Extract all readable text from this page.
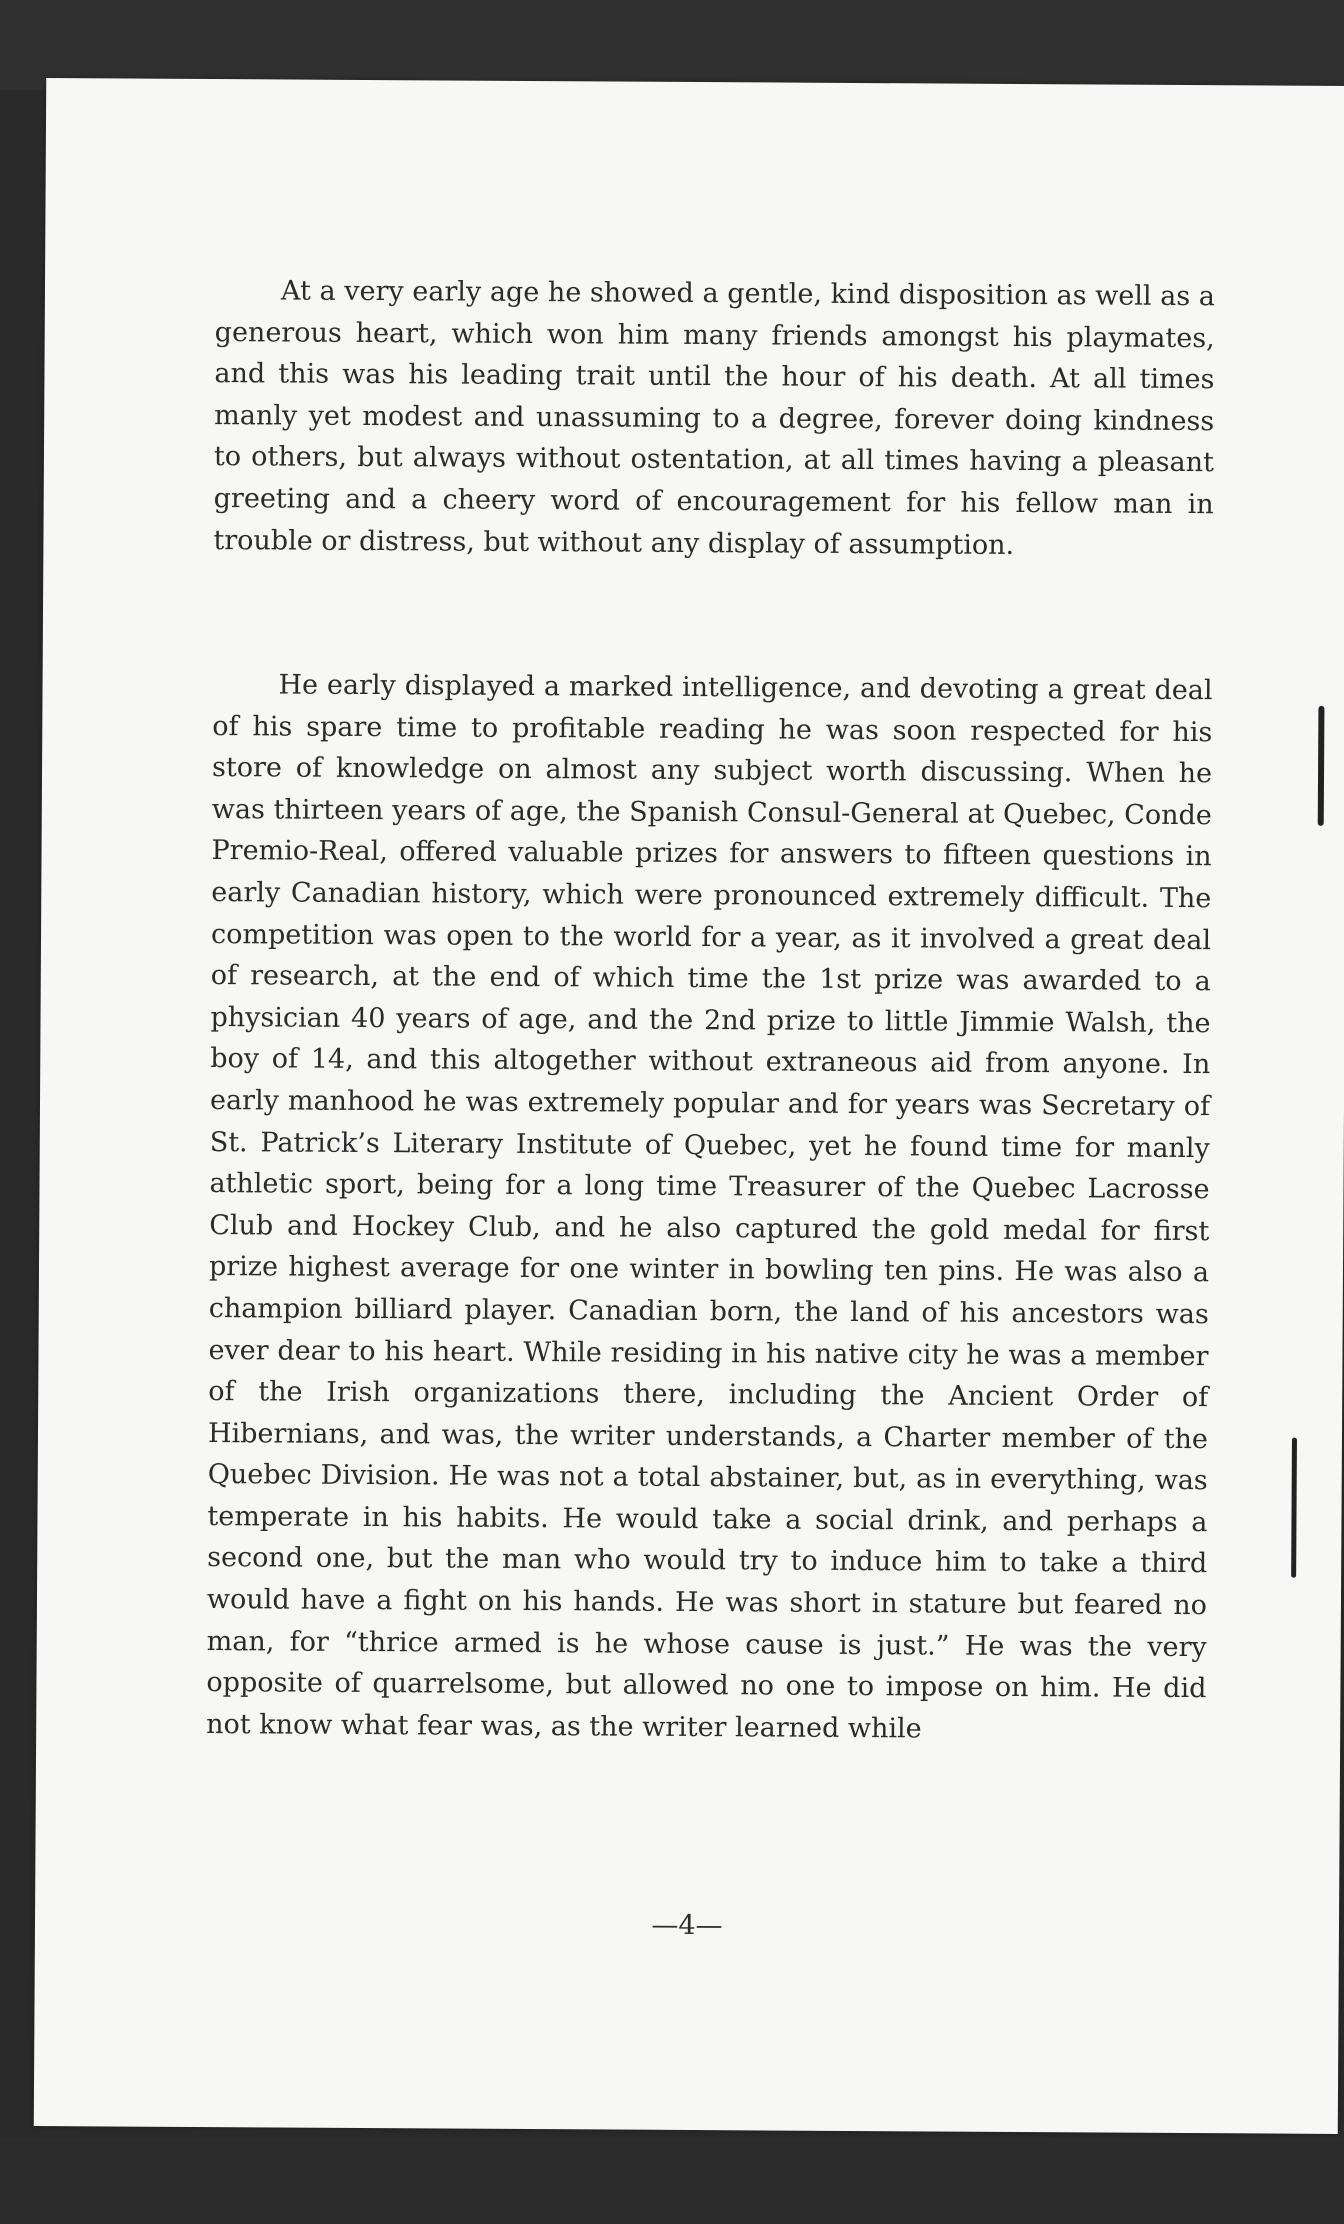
At a very early age he showed a gentle, kind disposition as well as a generous heart, which won him many friends amongst his playmates, and this was his leading trait until the hour of his death. At all times manly yet modest and unassuming to a degree, forever doing kindness to others, but always without ostentation, at all times having a pleasant greeting and a cheery word of encouragement for his fellow man in trouble or distress, but without any display of assumption.

He early displayed a marked intelligence, and devoting a great deal of his spare time to profitable reading he was soon respected for his store of knowledge on almost any subject worth discussing. When he was thirteen years of age, the Spanish Consul-General at Quebec, Conde Premio-Real, offered valuable prizes for answers to fifteen questions in early Canadian history, which were pronounced extremely difficult. The competition was open to the world for a year, as it involved a great deal of research, at the end of which time the 1st prize was awarded to a physician 40 years of age, and the 2nd prize to little Jimmie Walsh, the boy of 14, and this altogether without extraneous aid from anyone. In early manhood he was extremely popular and for years was Secretary of St. Patrick’s Literary Institute of Quebec, yet he found time for manly athletic sport, being for a long time Treasurer of the Quebec Lacrosse Club and Hockey Club, and he also captured the gold medal for first prize highest average for one winter in bowling ten pins. He was also a champion billiard player. Canadian born, the land of his ancestors was ever dear to his heart. While residing in his native city he was a member of the Irish organizations there, including the Ancient Order of Hibernians, and was, the writer understands, a Charter member of the Quebec Division. He was not a total abstainer, but, as in everything, was temperate in his habits. He would take a social drink, and perhaps a second one, but the man who would try to induce him to take a third would have a fight on his hands. He was short in stature but feared no man, for “thrice armed is he whose cause is just.” He was the very opposite of quarrelsome, but allowed no one to impose on him. He did not know what fear was, as the writer learned while

—4—
